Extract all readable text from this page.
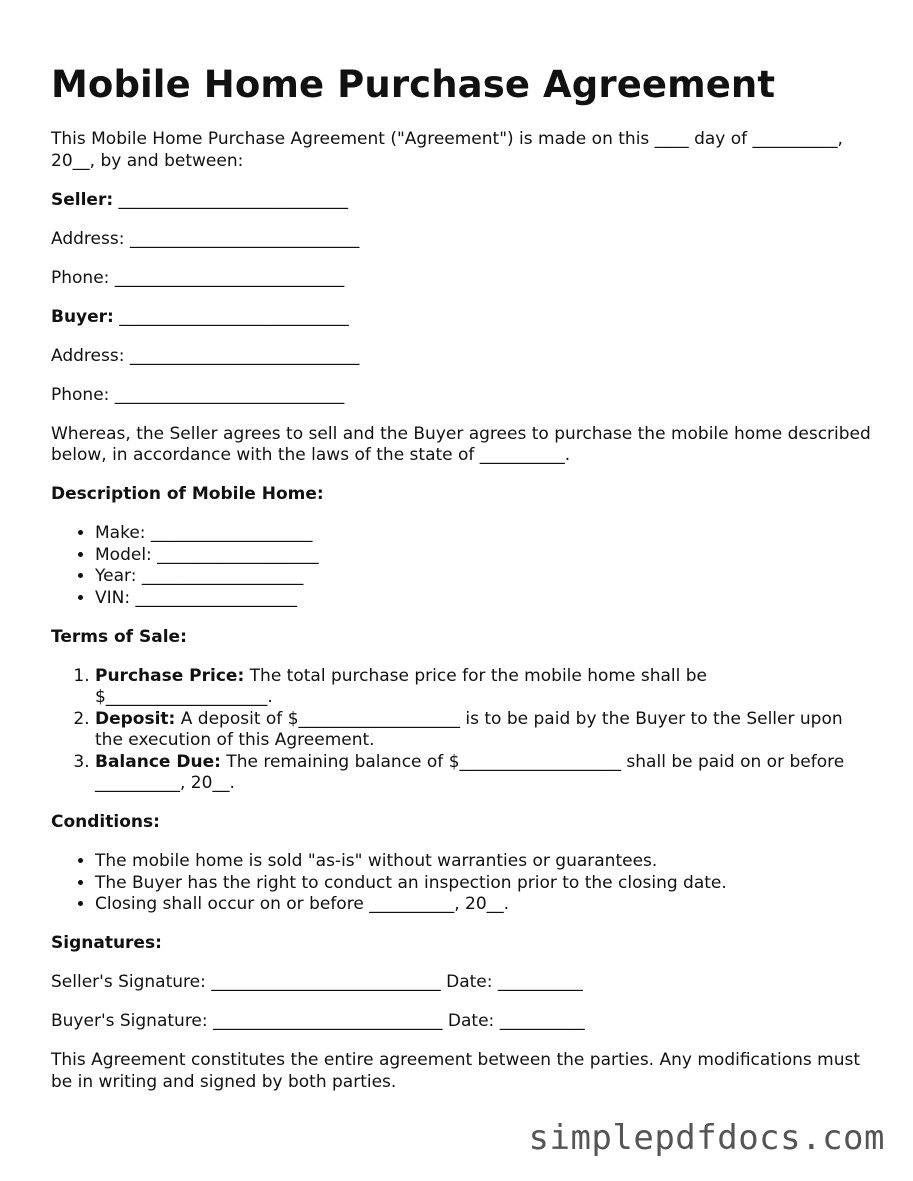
Mobile Home Purchase Agreement

This Mobile Home Purchase Agreement ("Agreement") is made on this ____ day of __________, 20__, by and between:

Seller: ___________________________

Address: ___________________________

Phone: ___________________________

Buyer: ___________________________

Address: ___________________________

Phone: ___________________________

Whereas, the Seller agrees to sell and the Buyer agrees to purchase the mobile home described below, in accordance with the laws of the state of __________.

Description of Mobile Home:
• Make: ___________________
• Model: ___________________
• Year: ___________________
• VIN: ___________________
Terms of Sale:
1. Purchase Price: The total purchase price for the mobile home shall be $___________________.
2. Deposit: A deposit of $___________________ is to be paid by the Buyer to the Seller upon the execution of this Agreement.
3. Balance Due: The remaining balance of $___________________ shall be paid on or before __________, 20__.
Conditions:
• The mobile home is sold "as-is" without warranties or guarantees.
• The Buyer has the right to conduct an inspection prior to the closing date.
• Closing shall occur on or before __________, 20__.
Signatures:

Seller's Signature: ___________________________ Date: __________

Buyer's Signature: ___________________________ Date: __________

This Agreement constitutes the entire agreement between the parties. Any modifications must be in writing and signed by both parties.

simplepdfdocs.com
